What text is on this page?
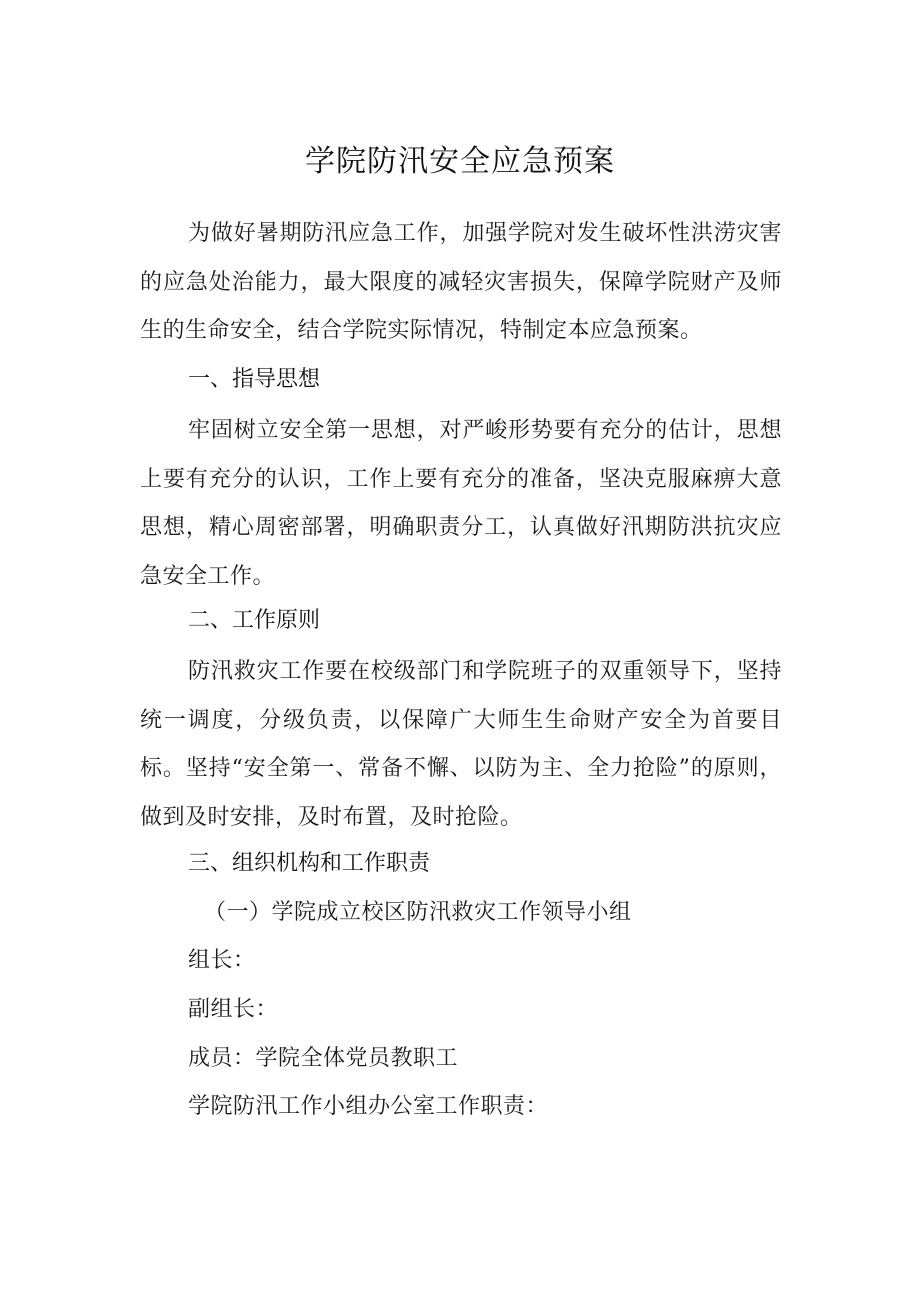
学院防汛安全应急预案

为做好暑期防汛应急工作，加强学院对发生破坏性洪涝灾害的应急处治能力，最大限度的减轻灾害损失，保障学院财产及师生的生命安全，结合学院实际情况，特制定本应急预案。

一、指导思想

牢固树立安全第一思想，对严峻形势要有充分的估计，思想上要有充分的认识，工作上要有充分的准备，坚决克服麻痹大意思想，精心周密部署，明确职责分工，认真做好汛期防洪抗灾应急安全工作。

二、工作原则

防汛救灾工作要在校级部门和学院班子的双重领导下，坚持统一调度，分级负责，以保障广大师生生命财产安全为首要目标。坚持“安全第一、常备不懈、以防为主、全力抢险”的原则，做到及时安排，及时布置，及时抢险。

三、组织机构和工作职责
（一）学院成立校区防汛救灾工作领导小组
组长：
副组长：
成员：学院全体党员教职工
学院防汛工作小组办公室工作职责：
